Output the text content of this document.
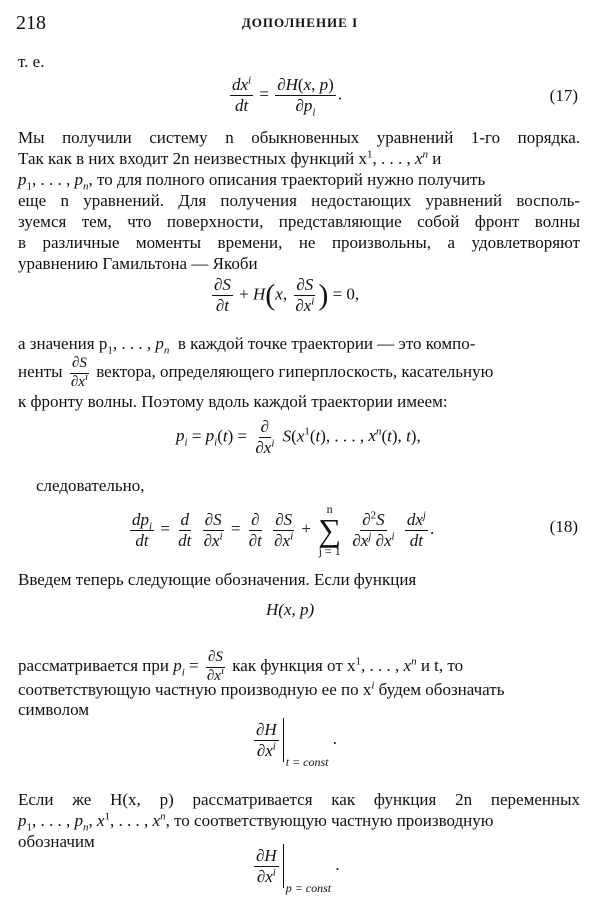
218	ДОПОЛНЕНИЕ I
т. е.
$dx^i$
dt
= $\frac{\partial H(x, p)}{\partial p_i}$ .	(17)
Мы получили систему n обыкновенных уравнений 1-го порядка.
Так как в них входит 2n неизвестных функций $x^1$, . . . , $x^n$ и
$p_1$, . . . , $p_n$, то для полного описания траекторий нужно получить
еще n уравнений. Для получения недостающих уравнений восполь-
зуемся тем, что поверхности, представляющие собой фронт волны
в различные моменты времени, не произвольны, а удовлетворяют
уравнению Гамильтона — Якоби
$\frac{\partial S}{\partial t} + H(x$, $\frac{\partial S}{\partial x^i}$ ) = 0,
а значения $p_1$, . . . , $p_n$ в каждой точке траектории — это компо-
ненты $\frac{\partial S}{\partial x^i}$ вектора, определяющего гиперплоскость, касательную
к фронту волны. Поэтому вдоль каждой траектории имеем:
$p_i = p_i(t)$ = ∂
$\partial x^i$ $S(x^1(t)$, . . . , $x^n(t)$, t),
следовательно,
$dp_i$
dt
= $\frac{d}{dt}$
$\frac{\partial S}{\partial x^i}$ = ∂
∂t
$\frac{\partial S}{\partial x^i}$ +
n
∑
j = 1

$\frac{\partial^2S}{\partial x^j \partial x^i}$
$dx^j$
dt
.	(18)
Введем теперь следующие обозначения. Если функция
H(x, p)
рассматривается при $p_i = \frac{\partial S}{\partial x^i}$ как функция от $x^1$, . . . , $x^n$ и t, то
соответствующую частную производную ее по $x^i$ будем обозначать
символом
$\frac{\partial H}{\partial x^i}$
t = const .
Если же H(x, p) рассматривается как функция 2n переменных
$p_1$, . . . , $p_n$, $x^1$, . . . , $x^n$, то соответствующую частную производную
обозначим
$\frac{\partial H}{\partial x^i}$
p = const .
